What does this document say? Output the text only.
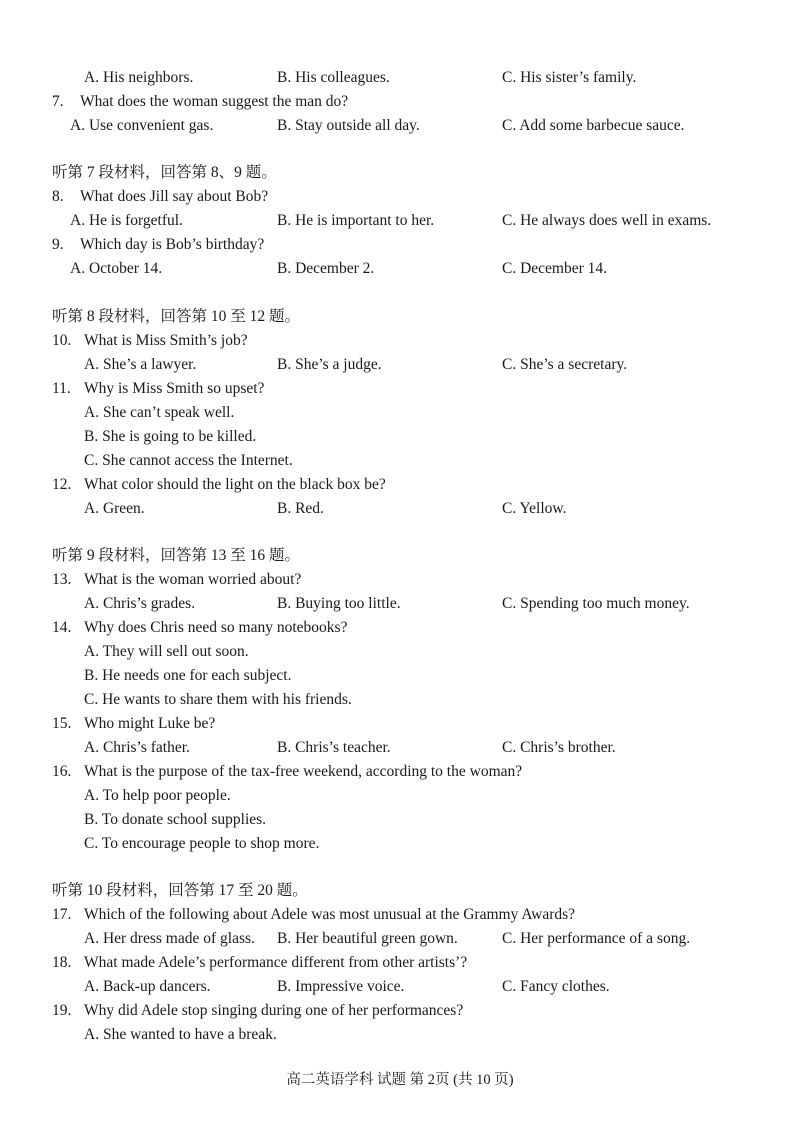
A. His neighbors.	B. His colleagues.	C. His sister’s family.
7. What does the woman suggest the man do?
A. Use convenient gas.	B. Stay outside all day.	C. Add some barbecue sauce.
听第 7 段材料，回答第 8、9 题。
8. What does Jill say about Bob?
A. He is forgetful.	B. He is important to her.	C. He always does well in exams.
9. Which day is Bob’s birthday?
A. October 14.	B. December 2.	C. December 14.
听第 8 段材料，回答第 10 至 12 题。
10. What is Miss Smith’s job?
A. She’s a lawyer.	B. She’s a judge.	C. She’s a secretary.
11. Why is Miss Smith so upset?
A. She can’t speak well.
B. She is going to be killed.
C. She cannot access the Internet.
12. What color should the light on the black box be?
A. Green.	B. Red.	C. Yellow.
听第 9 段材料，回答第 13 至 16 题。
13. What is the woman worried about?
A. Chris’s grades.	B. Buying too little.	C. Spending too much money.
14. Why does Chris need so many notebooks?
A. They will sell out soon.
B. He needs one for each subject.
C. He wants to share them with his friends.
15. Who might Luke be?
A. Chris’s father.	B. Chris’s teacher.	C. Chris’s brother.
16. What is the purpose of the tax-free weekend, according to the woman?
A. To help poor people.
B. To donate school supplies.
C. To encourage people to shop more.
听第 10 段材料，回答第 17 至 20 题。
17. Which of the following about Adele was most unusual at the Grammy Awards?
A. Her dress made of glass. B. Her beautiful green gown.	C. Her performance of a song.
18. What made Adele’s performance different from other artists’?
A. Back-up dancers.	B. Impressive voice.	C. Fancy clothes.
19. Why did Adele stop singing during one of her performances?
A. She wanted to have a break.
高二英语学科 试题 第 2页 (共 10 页)
